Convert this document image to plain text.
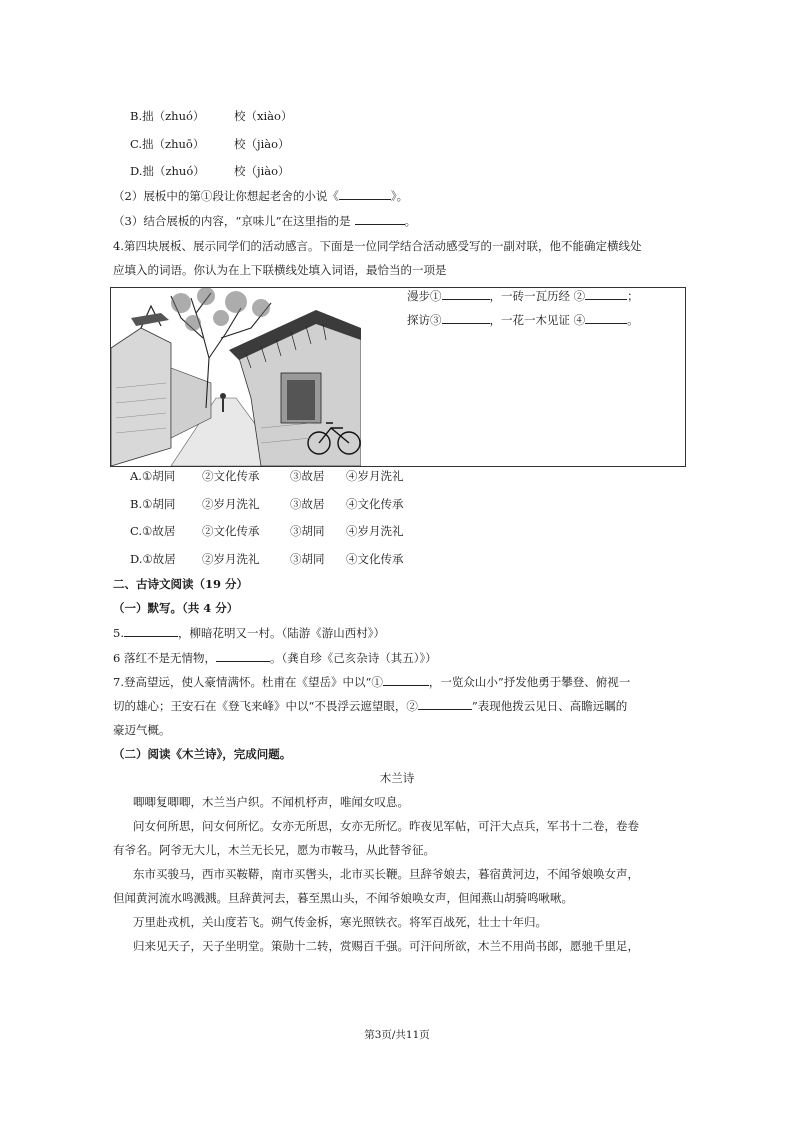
B.拙（zhuó）	校（xiào）
C.拙（zhuō）	校（jiào）
D.拙（zhuó）	校（jiào）
（2）展板中的第①段让你想起老舍的小说《	》。
（3）结合展板的内容，“京味儿”在这里指的是	。
4.第四块展板、展示同学们的活动感言。下面是一位同学结合活动感受写的一副对联，他不能确定横线处
应填入的词语。你认为在上下联横线处填入词语，最恰当的一项是
漫步①	，一砖一瓦历经 ②	；
探访③	，一花一木见证 ④	。
A.①胡同 ②文化传承	③故居 ④岁月洗礼
B.①胡同 ②岁月洗礼	③故居 ④文化传承
C.①故居 ②文化传承	③胡同 ④岁月洗礼
D.①故居 ②岁月洗礼	③胡同 ④文化传承
二、古诗文阅读（19 分）
（一）默写。（共 4 分）
5.	，柳暗花明又一村。（陆游《游山西村》）
6 落红不是无情物，	。（龚自珍《己亥杂诗（其五）》）
7.登高望远，使人豪情满怀。杜甫在《望岳》中以“①	，一览众山小”抒发他勇于攀登、俯视一
切的雄心；王安石在《登飞来峰》中以“不畏浮云遮望眼，②	”表现他拨云见日、高瞻远瞩的
豪迈气概。
（二）阅读《木兰诗》，完成问题。
木兰诗
唧唧复唧唧，木兰当户织。不闻机杼声，唯闻女叹息。
问女何所思，问女何所忆。女亦无所思，女亦无所忆。昨夜见军帖，可汗大点兵，军书十二卷，卷卷
有爷名。阿爷无大儿，木兰无长兄，愿为市鞍马，从此替爷征。
东市买骏马，西市买鞍鞯，南市买辔头，北市买长鞭。旦辞爷娘去，暮宿黄河边，不闻爷娘唤女声，
但闻黄河流水鸣溅溅。旦辞黄河去，暮至黑山头，不闻爷娘唤女声，但闻燕山胡骑鸣啾啾。
万里赴戎机，关山度若飞。朔气传金柝，寒光照铁衣。将军百战死，壮士十年归。
归来见天子，天子坐明堂。策勋十二转，赏赐百千强。可汗问所欲，木兰不用尚书郎，愿驰千里足，
第3页/共11页
